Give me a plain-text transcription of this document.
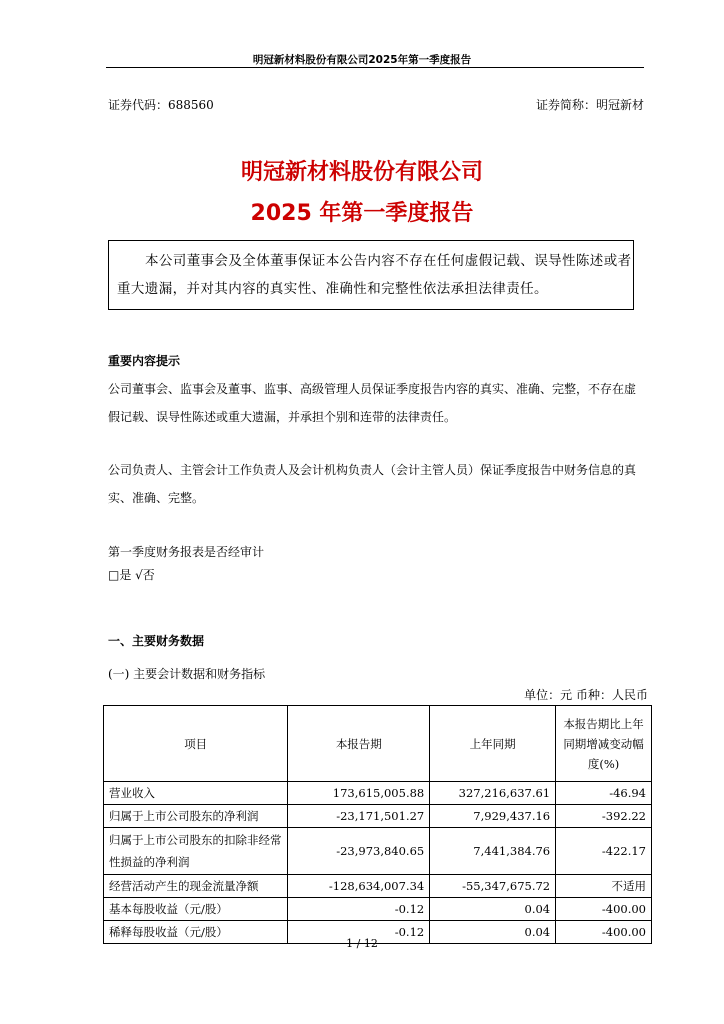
明冠新材料股份有限公司2025年第一季度报告
证券代码：688560	证券简称：明冠新材
明冠新材料股份有限公司
2025 年第一季度报告
本公司董事会及全体董事保证本公告内容不存在任何虚假记载、误导性陈述或者重大遗漏，并对其内容的真实性、准确性和完整性依法承担法律责任。
重要内容提示
公司董事会、监事会及董事、监事、高级管理人员保证季度报告内容的真实、准确、完整，不存在虚假记载、误导性陈述或重大遗漏，并承担个别和连带的法律责任。
公司负责人、主管会计工作负责人及会计机构负责人（会计主管人员）保证季度报告中财务信息的真实、准确、完整。
第一季度财务报表是否经审计
□是 √否
一、主要财务数据
(一) 主要会计数据和财务指标
单位：元 币种：人民币
项目	本报告期	上年同期	本报告期比上年同期增减变动幅度(%)
营业收入	173,615,005.88	327,216,637.61	-46.94
归属于上市公司股东的净利润	-23,171,501.27	7,929,437.16	-392.22
归属于上市公司股东的扣除非经常性损益的净利润	-23,973,840.65	7,441,384.76	-422.17
经营活动产生的现金流量净额	-128,634,007.34	-55,347,675.72	不适用
基本每股收益（元/股）	-0.12	0.04	-400.00
稀释每股收益（元/股）	-0.12	0.04	-400.00
1 / 12
